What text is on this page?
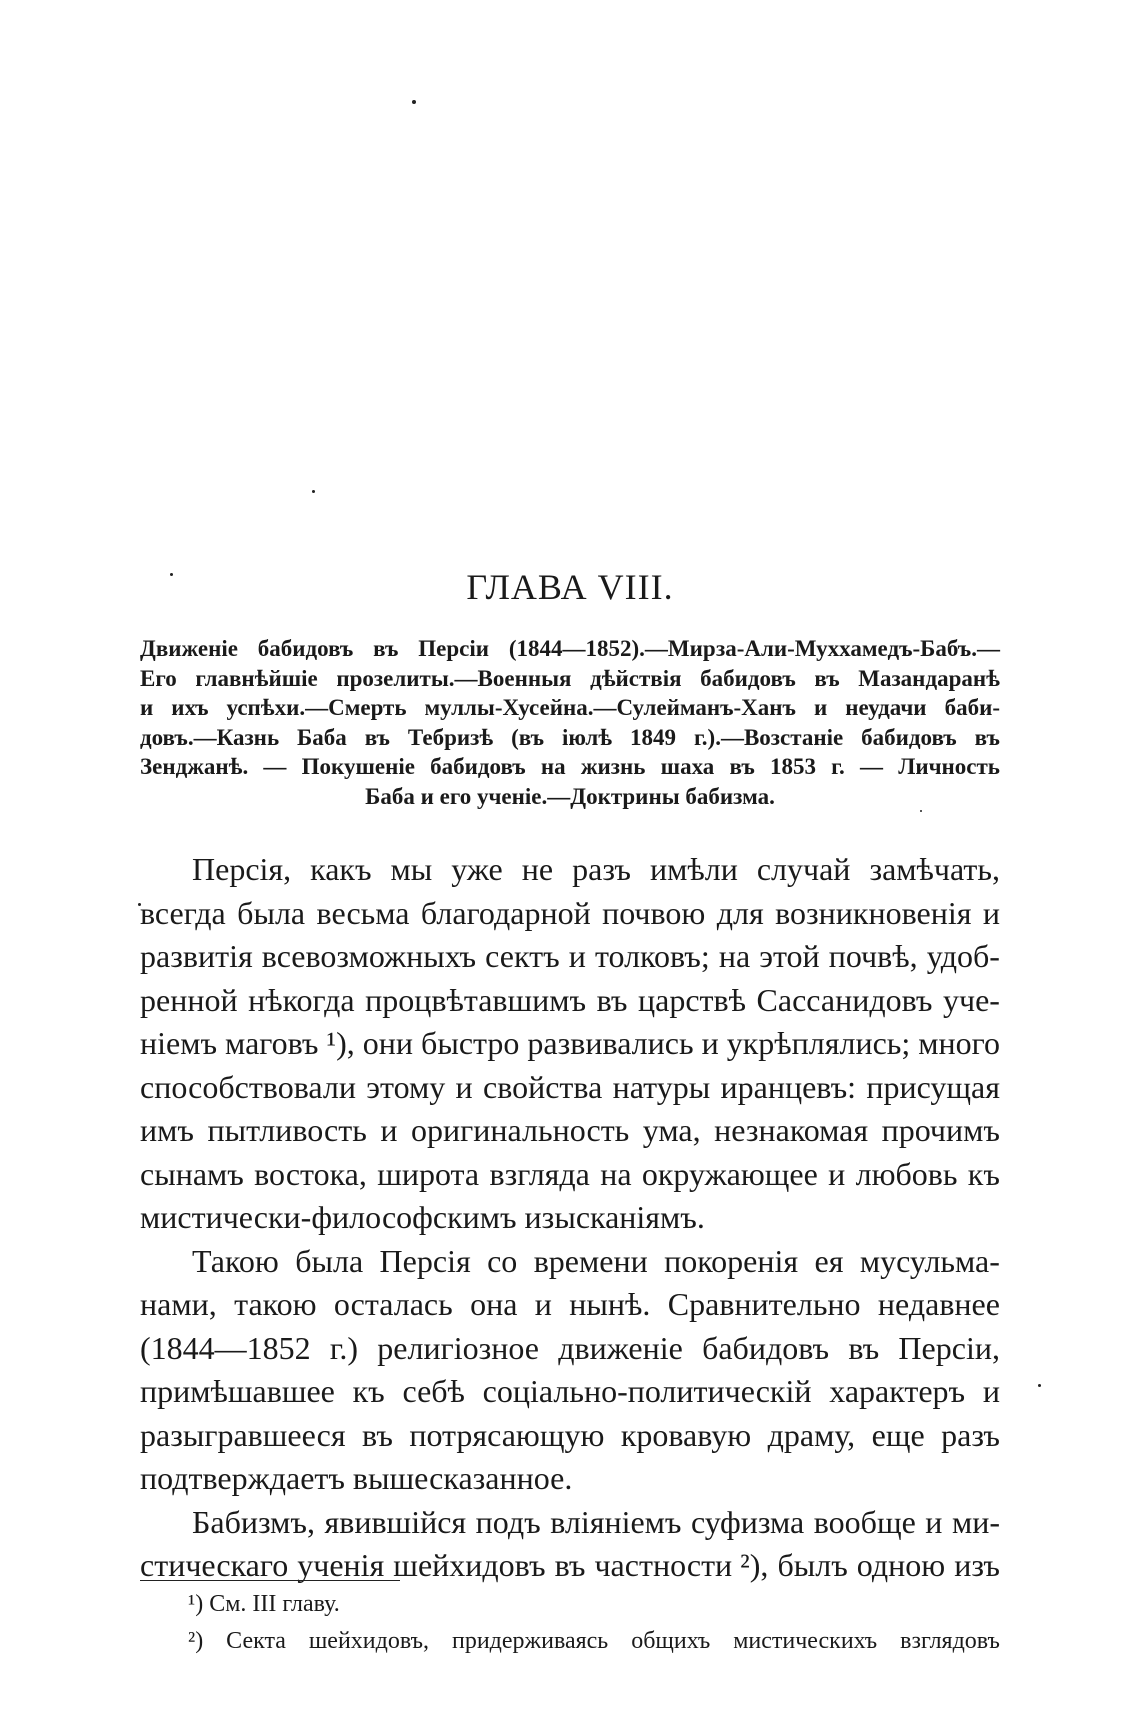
ГЛАВА VIII.
Движеніе бабидовъ въ Персіи (1844—1852).—Мирза-Али-Муххамедъ-Бабъ.—
Его главнѣйшіе прозелиты.—Военныя дѣйствія бабидовъ въ Мазандаранѣ
и ихъ успѣхи.—Смерть муллы-Хусейна.—Сулейманъ-Ханъ и неудачи баби-
довъ.—Казнь Баба въ Тебризѣ (въ іюлѣ 1849 г.).—Возстаніе бабидовъ въ
Зенджанѣ. — Покушеніе бабидовъ на жизнь шаха въ 1853 г. — Личность
Баба и его ученіе.—Доктрины бабизма.
Персія, какъ мы уже не разъ имѣли случай замѣчать,
всегда была весьма благодарной почвою для возникновенія и
развитія всевозможныхъ сектъ и толковъ; на этой почвѣ, удоб-
ренной нѣкогда процвѣтавшимъ въ царствѣ Сассанидовъ уче-
ніемъ маговъ ¹), они быстро развивались и укрѣплялись; много
способствовали этому и свойства натуры иранцевъ: присущая
имъ пытливость и оригинальность ума, незнакомая прочимъ
сынамъ востока, широта взгляда на окружающее и любовь къ
мистически-философскимъ изысканіямъ.
Такою была Персія со времени покоренія ея мусульма-
нами, такою осталась она и нынѣ. Сравнительно недавнее
(1844—1852 г.) религіозное движеніе бабидовъ въ Персіи,
примѣшавшее къ себѣ соціально-политическій характеръ и
разыгравшееся въ потрясающую кровавую драму, еще разъ
подтверждаетъ вышесказанное.
Бабизмъ, явившійся подъ вліяніемъ суфизма вообще и ми-
стическаго ученія шейхидовъ въ частности ²), былъ одною изъ
¹) См. III главу.
²) Секта шейхидовъ, придерживаясь общихъ мистическихъ взглядовъ
